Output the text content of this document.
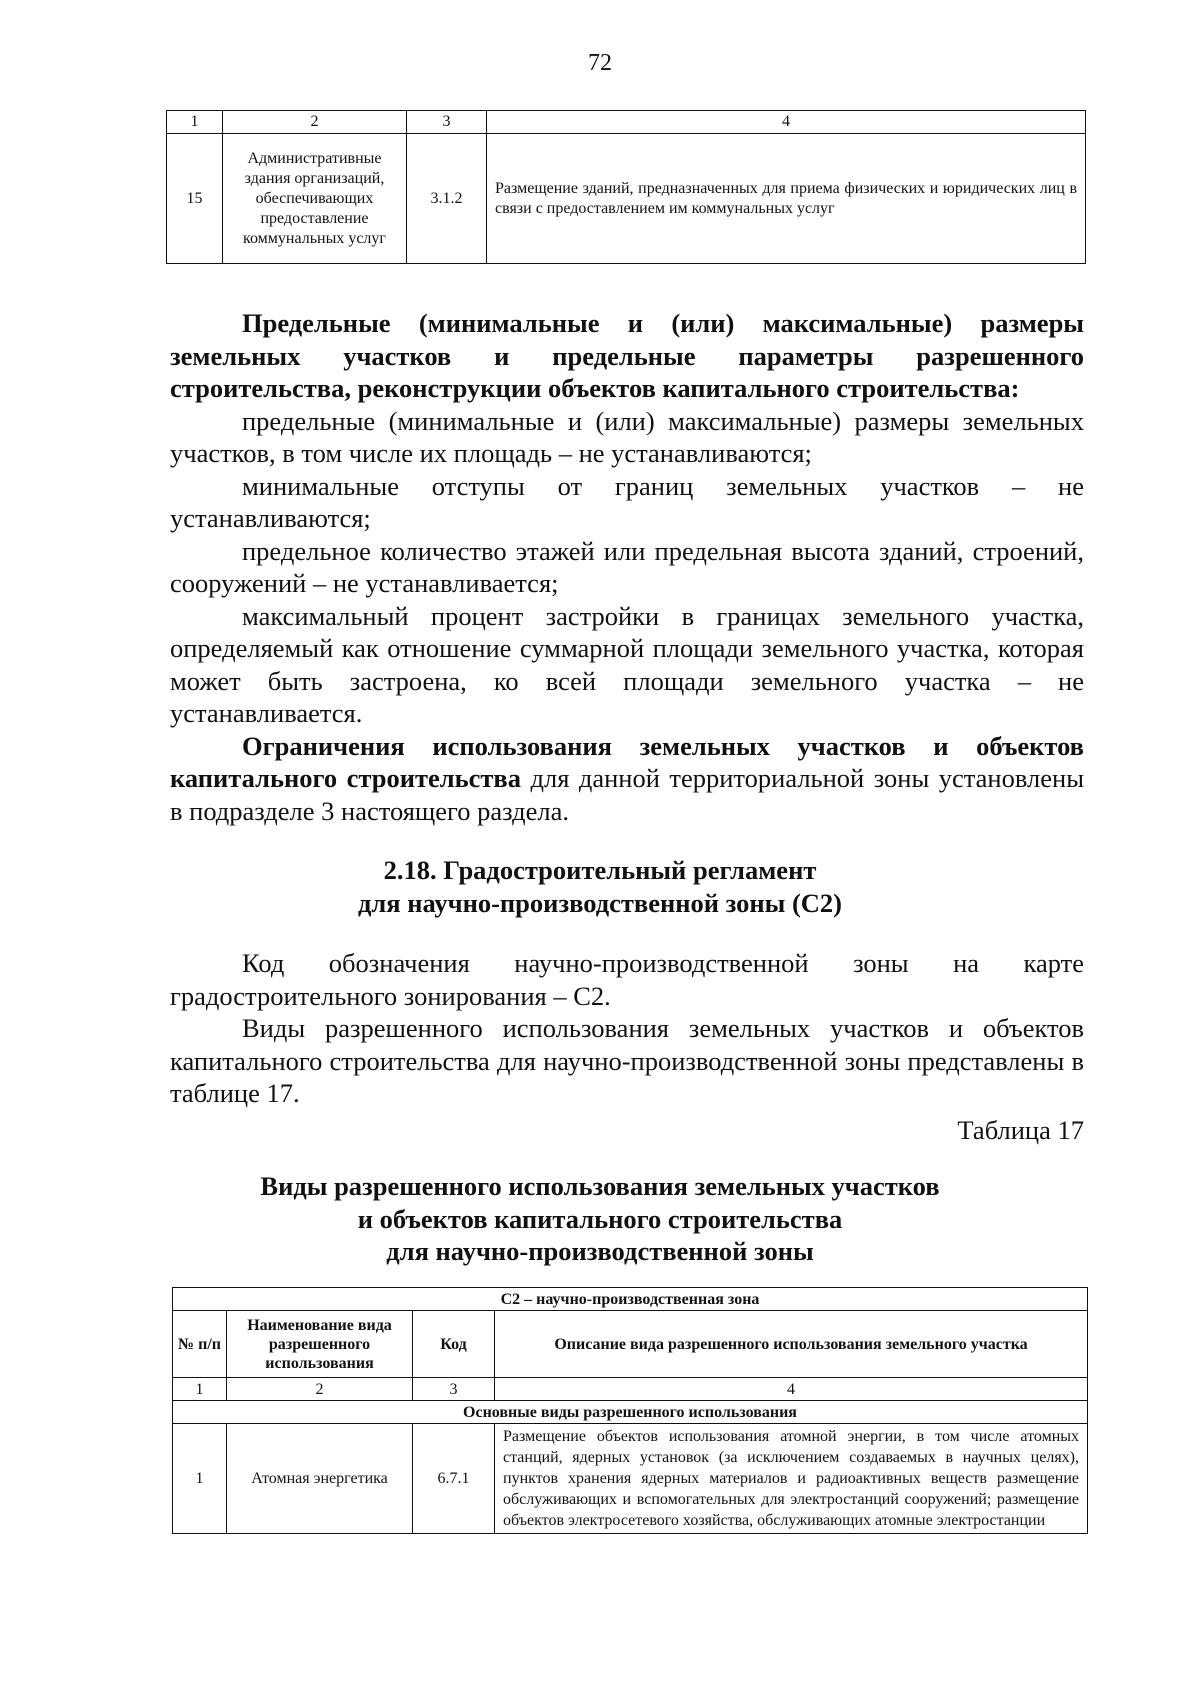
72
1	2	3	4
15	Административные здания организаций, обеспечивающих предоставление коммунальных услуг	3.1.2	Размещение зданий, предназначенных для приема физических и юридических лиц в связи с предоставлением им коммунальных услуг

Предельные (минимальные и (или) максимальные) размеры земельных участков и предельные параметры разрешенного строительства, реконструкции объектов капитального строительства:

предельные (минимальные и (или) максимальные) размеры земельных участков, в том числе их площадь – не устанавливаются;

минимальные отступы от границ земельных участков – не устанавливаются;

предельное количество этажей или предельная высота зданий, строений, сооружений – не устанавливается;

максимальный процент застройки в границах земельного участка, определяемый как отношение суммарной площади земельного участка, которая может быть застроена, ко всей площади земельного участка – не устанавливается.

Ограничения использования земельных участков и объектов капитального строительства для данной территориальной зоны установлены в подразделе 3 настоящего раздела.

2.18. Градостроительный регламент
для научно-производственной зоны (С2)

Код обозначения научно-производственной зоны на карте градостроительного зонирования – С2.

Виды разрешенного использования земельных участков и объектов капитального строительства для научно-производственной зоны представлены в таблице 17.

Таблица 17
Виды разрешенного использования земельных участков
и объектов капитального строительства
для научно-производственной зоны
С2 – научно-производственная зона			
№ п/п	Наименование вида разрешенного использования	Код	Описание вида разрешенного использования земельного участка
1	2	3	4
Основные виды разрешенного использования			
1	Атомная энергетика	6.7.1	Размещение объектов использования атомной энергии, в том числе атомных станций, ядерных установок (за исключением создаваемых в научных целях), пунктов хранения ядерных материалов и радиоактивных веществ размещение обслуживающих и вспомогательных для электростанций сооружений; размещение объектов электросетевого хозяйства, обслуживающих атомные электростанции
